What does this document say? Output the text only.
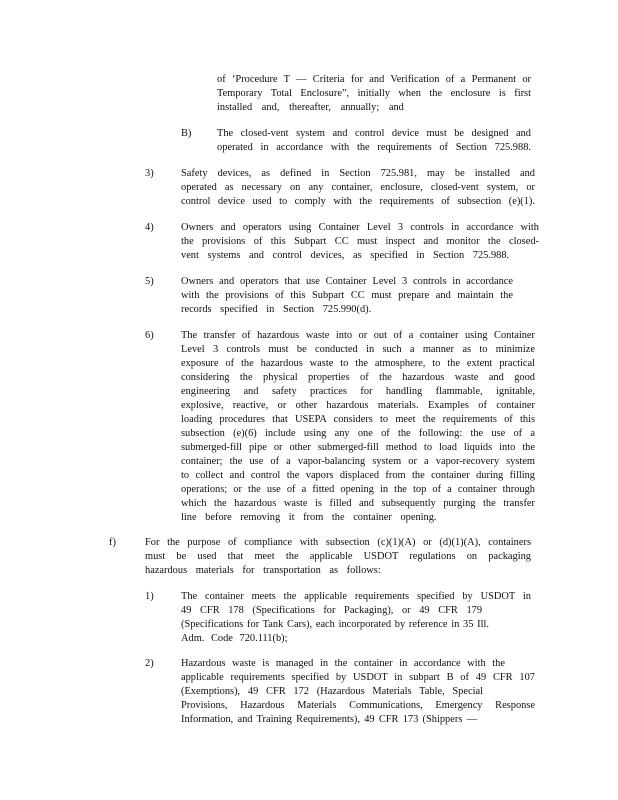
of ‘Procedure T — Criteria for and Verification of a Permanent or
Temporary Total Enclosure”, initially when the enclosure is first
installed and, thereafter, annually; and
B) The closed-vent system and control device must be designed and
operated in accordance with the requirements of Section 725.988.
3)	Safety devices, as defined in Section 725.981, may be installed and
operated as necessary on any container, enclosure, closed-vent system, or
control device used to comply with the requirements of subsection (e)(1).
4)	Owners and operators using Container Level 3 controls in accordance with
the provisions of this Subpart CC must inspect and monitor the closed-
vent systems and control devices, as specified in Section 725.988.
5)	Owners and operators that use Container Level 3 controls in accordance
with the provisions of this Subpart CC must prepare and maintain the
records specified in Section 725.990(d).
6)	The transfer of hazardous waste into or out of a container using Container
Level 3 controls must be conducted in such a manner as to minimize
exposure of the hazardous waste to the atmosphere, to the extent practical
considering the physical properties of the hazardous waste and good
engineering and safety practices for handling flammable, ignitable,
explosive, reactive, or other hazardous materials. Examples of container
loading procedures that USEPA considers to meet the requirements of this
subsection (e)(6) include using any one of the following: the use of a
submerged-fill pipe or other submerged-fill method to load liquids into the
container; the use of a vapor-balancing system or a vapor-recovery system
to collect and control the vapors displaced from the container during filling
operations; or the use of a fitted opening in the top of a container through
which the hazardous waste is filled and subsequently purging the transfer
line before removing it from the container opening.
f)	For the purpose of compliance with subsection (c)(1)(A) or (d)(1)(A), containers
must be used that meet the applicable USDOT regulations on packaging
hazardous materials for transportation as follows:
1)	The container meets the applicable requirements specified by USDOT in
49 CFR 178 (Specifications for Packaging), or 49 CFR 179
(Specifications for Tank Cars), each incorporated by reference in 35 Ill.
Adm. Code 720.111(b);
2)	Hazardous waste is managed in the container in accordance with the
applicable requirements specified by USDOT in subpart B of 49 CFR 107
(Exemptions), 49 CFR 172 (Hazardous Materials Table, Special
Provisions, Hazardous Materials Communications, Emergency Response
Information, and Training Requirements), 49 CFR 173 (Shippers —
